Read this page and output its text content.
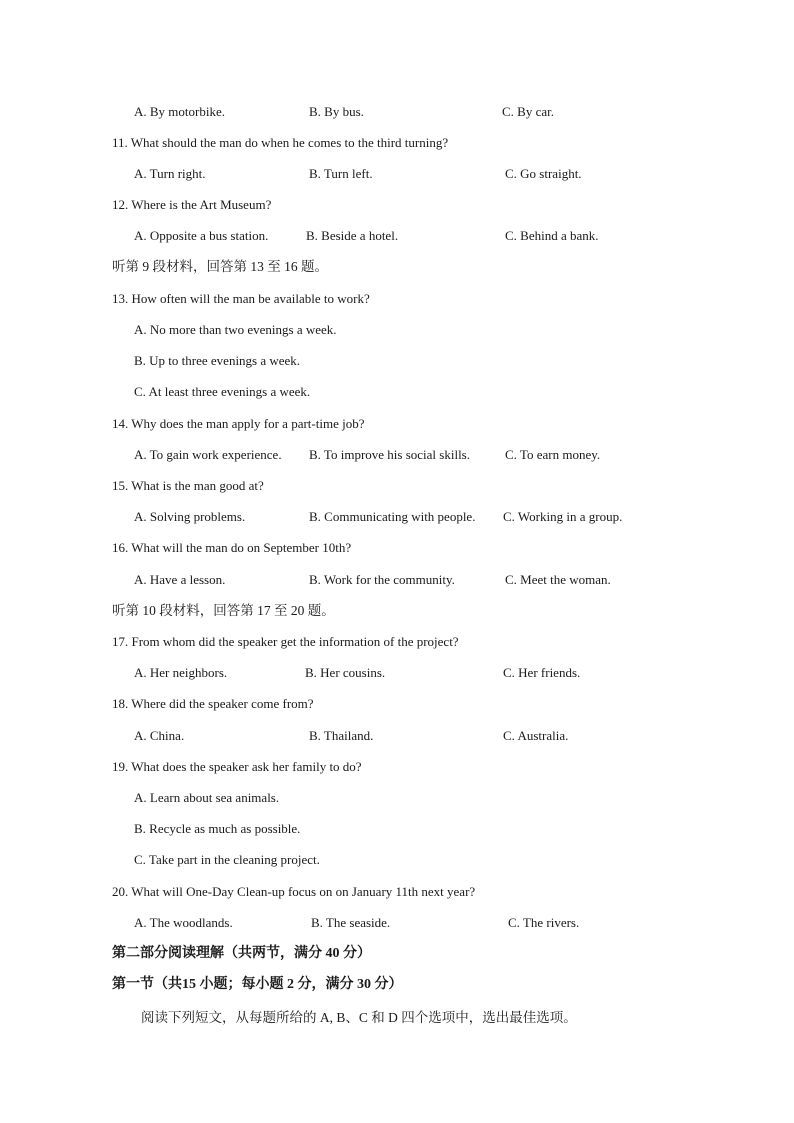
A. By motorbike.	B. By bus.	C. By car.
11. What should the man do when he comes to the third turning?
A. Turn right.	B. Turn left.	C. Go straight.
12. Where is the Art Museum?
A. Opposite a bus station.	B. Beside a hotel.	C. Behind a bank.
听第 9 段材料，回答第 13 至 16 题。
13. How often will the man be available to work?
A. No more than two evenings a week.
B. Up to three evenings a week.
C. At least three evenings a week.
14. Why does the man apply for a part-time job?
A. To gain work experience. B. To improve his social skills.	C. To earn money.
15. What is the man good at?
A. Solving problems.	B. Communicating with people. C. Working in a group.
16. What will the man do on September 10th?
A. Have a lesson.	B. Work for the community.	C. Meet the woman.
听第 10 段材料，回答第 17 至 20 题。
17. From whom did the speaker get the information of the project?
A. Her neighbors.	B. Her cousins.	C. Her friends.
18. Where did the speaker come from?
A. China.	B. Thailand.	C. Australia.
19. What does the speaker ask her family to do?
A. Learn about sea animals.
B. Recycle as much as possible.
C. Take part in the cleaning project.
20. What will One-Day Clean-up focus on on January 11th next year?
A. The woodlands.	B. The seaside.	C. The rivers.
第二部分阅读理解（共两节，满分 40 分）
第一节（共15 小题；每小题 2 分，满分 30 分）
阅读下列短文，从每题所给的 A, B、C 和 D 四个选项中，选出最佳选项。
